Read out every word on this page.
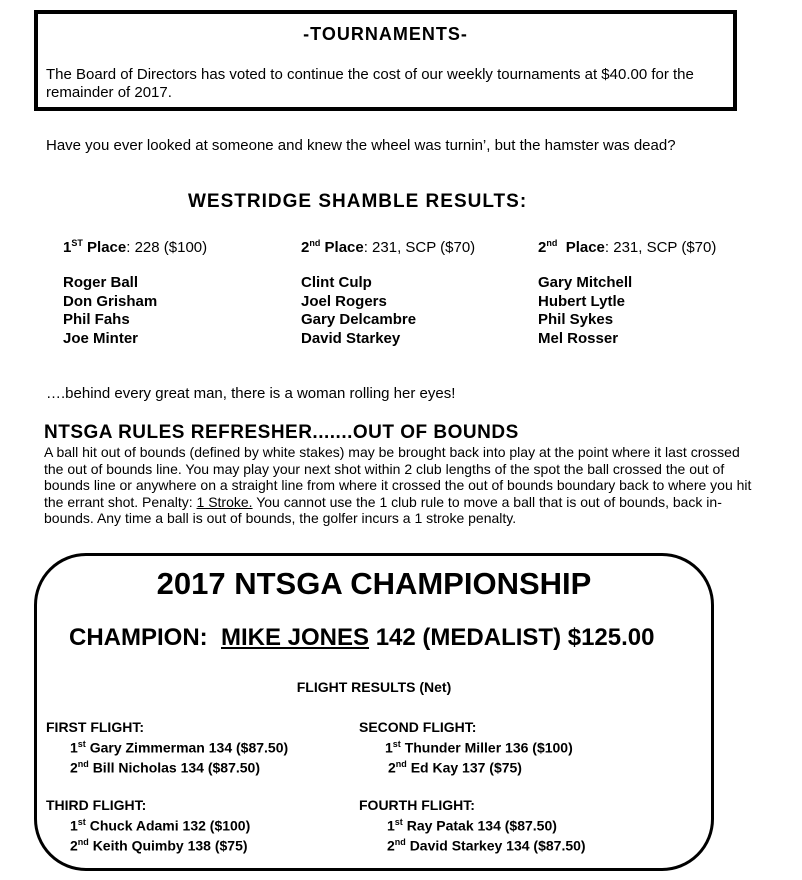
-TOURNAMENTS-
The Board of Directors has voted to continue the cost of our weekly tournaments at $40.00 for the remainder of 2017.
Have you ever looked at someone and knew the wheel was turnin’, but the hamster was dead?
WESTRIDGE SHAMBLE RESULTS:
1ST Place: 228 ($100)	2nd Place: 231, SCP ($70)	2nd Place: 231, SCP ($70)
Roger Ball
Don Grisham
Phil Fahs
Joe Minter
Clint Culp
Joel Rogers
Gary Delcambre
David Starkey
Gary Mitchell
Hubert Lytle
Phil Sykes
Mel Rosser
….behind every great man, there is a woman rolling her eyes!
NTSGA RULES REFRESHER.......OUT OF BOUNDS
A ball hit out of bounds (defined by white stakes) may be brought back into play at the point where it last crossed the out of bounds line. You may play your next shot within 2 club lengths of the spot the ball crossed the out of bounds line or anywhere on a straight line from where it crossed the out of bounds boundary back to where you hit the errant shot. Penalty: 1 Stroke. You cannot use the 1 club rule to move a ball that is out of bounds, back in-bounds. Any time a ball is out of bounds, the golfer incurs a 1 stroke penalty.
2017 NTSGA CHAMPIONSHIP
CHAMPION: MIKE JONES 142 (MEDALIST) $125.00
FLIGHT RESULTS (Net)
FIRST FLIGHT:
1st Gary Zimmerman 134 ($87.50)
2nd Bill Nicholas 134 ($87.50)
SECOND FLIGHT:
1st Thunder Miller 136 ($100)
2nd Ed Kay 137 ($75)
THIRD FLIGHT:
1st Chuck Adami 132 ($100)
2nd Keith Quimby 138 ($75)
FOURTH FLIGHT:
1st Ray Patak 134 ($87.50)
2nd David Starkey 134 ($87.50)
